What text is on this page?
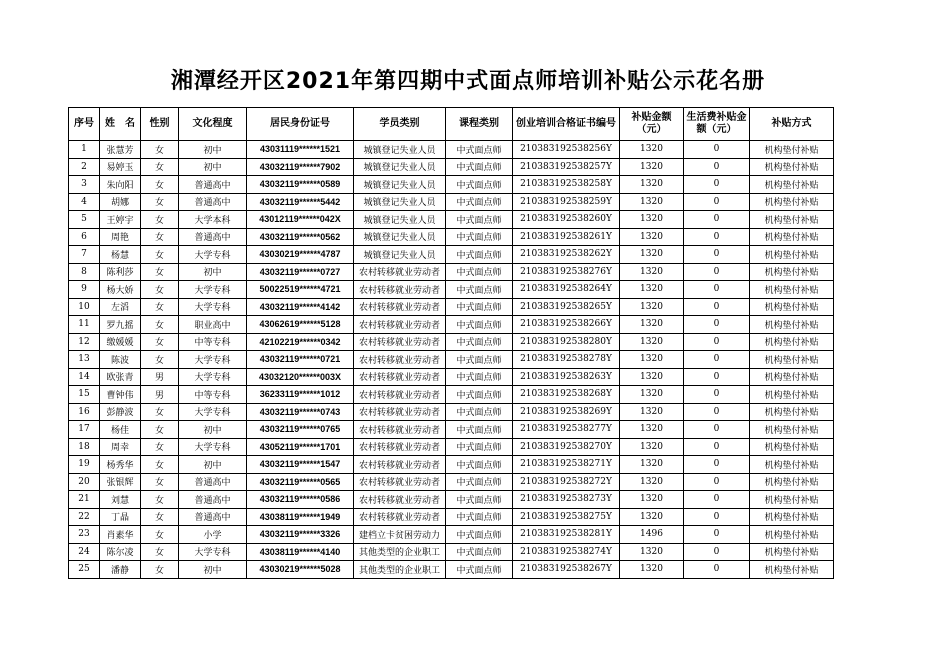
湘潭经开区2021年第四期中式面点师培训补贴公示花名册
序号	姓　名	性别	文化程度	居民身份证号	学员类别	课程类别	创业培训合格证书编号	补贴金额（元）	生活费补贴金额（元）	补贴方式
1	张慧芳	女	初中	43031119******1521	城镇登记失业人员	中式面点师	210383192538256Y	1320	0	机构垫付补贴
2	易婷玉	女	初中	43032119******7902	城镇登记失业人员	中式面点师	210383192538257Y	1320	0	机构垫付补贴
3	朱向阳	女	普通高中	43032119******0589	城镇登记失业人员	中式面点师	210383192538258Y	1320	0	机构垫付补贴
4	胡娜	女	普通高中	43032119******5442	城镇登记失业人员	中式面点师	210383192538259Y	1320	0	机构垫付补贴
5	王婷宇	女	大学本科	43012119******042X	城镇登记失业人员	中式面点师	210383192538260Y	1320	0	机构垫付补贴
6	周艳	女	普通高中	43032119******0562	城镇登记失业人员	中式面点师	210383192538261Y	1320	0	机构垫付补贴
7	杨慧	女	大学专科	43030219******4787	城镇登记失业人员	中式面点师	210383192538262Y	1320	0	机构垫付补贴
8	陈利莎	女	初中	43032119******0727	农村转移就业劳动者	中式面点师	210383192538276Y	1320	0	机构垫付补贴
9	杨大娇	女	大学专科	50022519******4721	农村转移就业劳动者	中式面点师	210383192538264Y	1320	0	机构垫付补贴
10	左滔	女	大学专科	43032119******4142	农村转移就业劳动者	中式面点师	210383192538265Y	1320	0	机构垫付补贴
11	罗九摇	女	职业高中	43062619******5128	农村转移就业劳动者	中式面点师	210383192538266Y	1320	0	机构垫付补贴
12	缴媛媛	女	中等专科	42102219******0342	农村转移就业劳动者	中式面点师	210383192538280Y	1320	0	机构垫付补贴
13	陈波	女	大学专科	43032119******0721	农村转移就业劳动者	中式面点师	210383192538278Y	1320	0	机构垫付补贴
14	欧张青	男	大学专科	43032120******003X	农村转移就业劳动者	中式面点师	210383192538263Y	1320	0	机构垫付补贴
15	曹钟伟	男	中等专科	36233119******1012	农村转移就业劳动者	中式面点师	210383192538268Y	1320	0	机构垫付补贴
16	彭静波	女	大学专科	43032119******0743	农村转移就业劳动者	中式面点师	210383192538269Y	1320	0	机构垫付补贴
17	杨佳	女	初中	43032119******0765	农村转移就业劳动者	中式面点师	210383192538277Y	1320	0	机构垫付补贴
18	周幸	女	大学专科	43052119******1701	农村转移就业劳动者	中式面点师	210383192538270Y	1320	0	机构垫付补贴
19	杨秀华	女	初中	43032119******1547	农村转移就业劳动者	中式面点师	210383192538271Y	1320	0	机构垫付补贴
20	张银辉	女	普通高中	43032119******0565	农村转移就业劳动者	中式面点师	210383192538272Y	1320	0	机构垫付补贴
21	刘慧	女	普通高中	43032119******0586	农村转移就业劳动者	中式面点师	210383192538273Y	1320	0	机构垫付补贴
22	丁晶	女	普通高中	43038119******1949	农村转移就业劳动者	中式面点师	210383192538275Y	1320	0	机构垫付补贴
23	肖素华	女	小学	43032119******3326	建档立卡贫困劳动力	中式面点师	210383192538281Y	1496	0	机构垫付补贴
24	陈尔凌	女	大学专科	43038119******4140	其他类型的企业职工	中式面点师	210383192538274Y	1320	0	机构垫付补贴
25	潘静	女	初中	43030219******5028	其他类型的企业职工	中式面点师	210383192538267Y	1320	0	机构垫付补贴
